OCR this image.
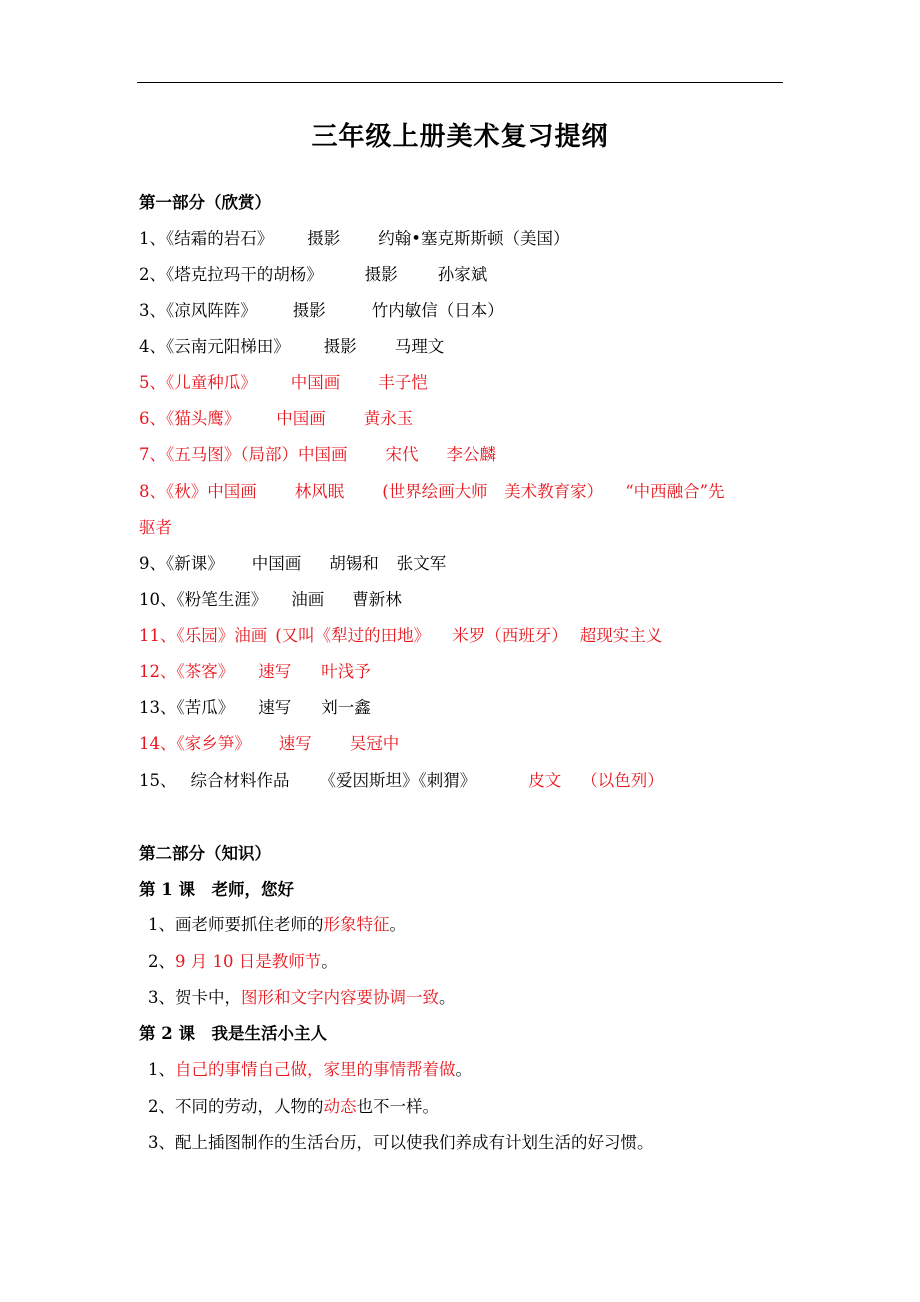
三年级上册美术复习提纲
第一部分（欣赏）
1、《结霜的岩石》 摄影 约翰•塞克斯斯顿（美国）
2、《塔克拉玛干的胡杨》	摄影 孙家斌
3、《凉风阵阵》 摄影	竹内敏信（日本）
4、《云南元阳梯田》 摄影 马理文
5、《儿童种瓜》 中国画 丰子恺
6、《猫头鹰》 中国画 黄永玉
7、《五马图》（局部）中国画 宋代 李公麟
8、《秋》中国画 林风眠 (世界绘画大师　美术教育家） “中西融合”先
驱者
9、《新课》 中国画 胡锡和 张文军
10、《粉笔生涯》 油画 曹新林
11、《乐园》油画 (又叫《犁过的田地》 米罗（西班牙） 超现实主义
12、《茶客》 速写 叶浅予
13、《苦瓜》 速写 刘一鑫
14、《家乡笋》 速写 吴冠中
15、 综合材料作品 《爱因斯坦》《刺猬》	皮文 （以色列）
第二部分（知识）
第 1 课　老师，您好
1、画老师要抓住老师的形象特征。
2、9 月 10 日是教师节。
3、贺卡中，图形和文字内容要协调一致。
第 2 课　我是生活小主人
1、自己的事情自己做，家里的事情帮着做。
2、不同的劳动，人物的动态也不一样。
3、配上插图制作的生活台历，可以使我们养成有计划生活的好习惯。
